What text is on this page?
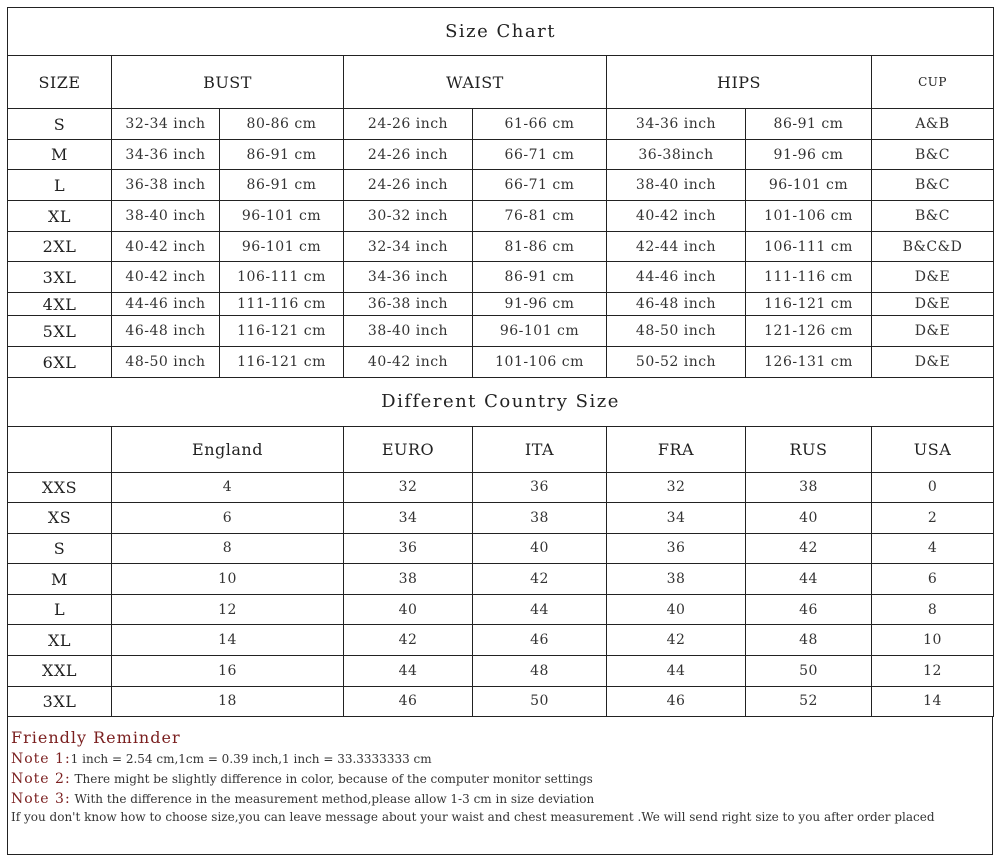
Size Chart							
SIZE	BUST		WAIST		HIPS		CUP
S	32-34 inch	80-86 cm	24-26 inch	61-66 cm	34-36 inch	86-91 cm	A&B
M	34-36 inch	86-91 cm	24-26 inch	66-71 cm	36-38inch	91-96 cm	B&C
L	36-38 inch	86-91 cm	24-26 inch	66-71 cm	38-40 inch	96-101 cm	B&C
XL	38-40 inch	96-101 cm	30-32 inch	76-81 cm	40-42 inch	101-106 cm	B&C
2XL	40-42 inch	96-101 cm	32-34 inch	81-86 cm	42-44 inch	106-111 cm	B&C&D
3XL	40-42 inch	106-111 cm	34-36 inch	86-91 cm	44-46 inch	111-116 cm	D&E
4XL	44-46 inch	111-116 cm	36-38 inch	91-96 cm	46-48 inch	116-121 cm	D&E
5XL	46-48 inch	116-121 cm	38-40 inch	96-101 cm	48-50 inch	121-126 cm	D&E
6XL	48-50 inch	116-121 cm	40-42 inch	101-106 cm	50-52 inch	126-131 cm	D&E
Different Country Size						
	England	EURO	ITA	FRA	RUS	USA
XXS	4	32	36	32	38	0
XS	6	34	38	34	40	2
S	8	36	40	36	42	4
M	10	38	42	38	44	6
L	12	40	44	40	46	8
XL	14	42	46	42	48	10
XXL	16	44	48	44	50	12
3XL	18	46	50	46	52	14
Friendly Reminder
Note 1:1 inch = 2.54 cm,1cm = 0.39 inch,1 inch = 33.3333333 cm
Note 2: There might be slightly difference in color, because of the computer monitor settings
Note 3: With the difference in the measurement method,please allow 1-3 cm in size deviation
If you don't know how to choose size,you can leave message about your waist and chest measurement .We will send right size to you after order placed
